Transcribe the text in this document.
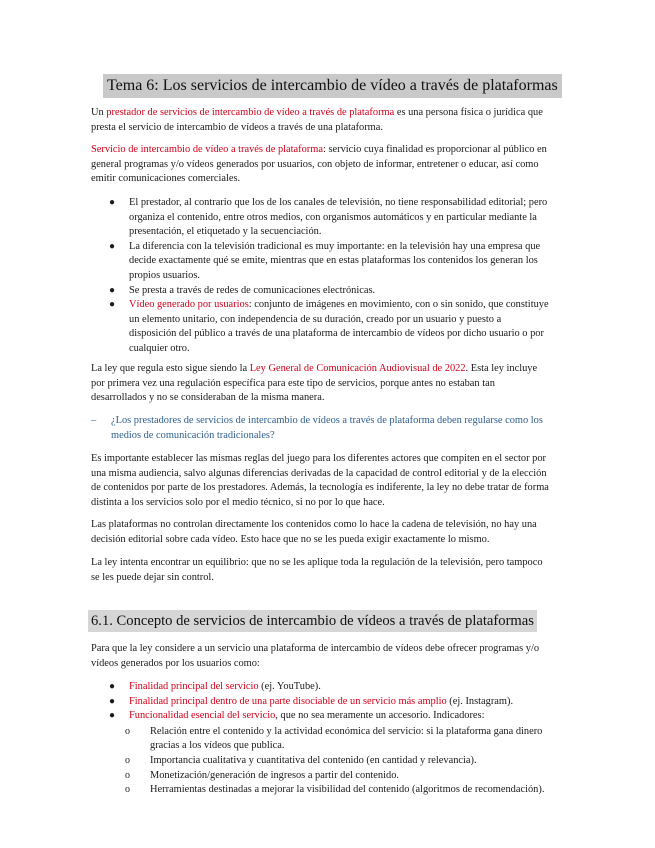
Tema 6: Los servicios de intercambio de vídeo a través de plataformas

Un prestador de servicios de intercambio de vídeo a través de plataforma es una persona física o jurídica que presta el servicio de intercambio de vídeos a través de una plataforma.

Servicio de intercambio de vídeo a través de plataforma: servicio cuya finalidad es proporcionar al público en general programas y/o vídeos generados por usuarios, con objeto de informar, entretener o educar, así como emitir comunicaciones comerciales.

● El prestador, al contrario que los de los canales de televisión, no tiene responsabilidad editorial; pero organiza el contenido, entre otros medios, con organismos automáticos y en particular mediante la presentación, el etiquetado y la secuenciación.
● La diferencia con la televisión tradicional es muy importante: en la televisión hay una empresa que decide exactamente qué se emite, mientras que en estas plataformas los contenidos los generan los propios usuarios.
● Se presta a través de redes de comunicaciones electrónicas.
● Vídeo generado por usuarios: conjunto de imágenes en movimiento, con o sin sonido, que constituye un elemento unitario, con independencia de su duración, creado por un usuario y puesto a disposición del público a través de una plataforma de intercambio de vídeos por dicho usuario o por cualquier otro.

La ley que regula esto sigue siendo la Ley General de Comunicación Audiovisual de 2022. Esta ley incluye por primera vez una regulación específica para este tipo de servicios, porque antes no estaban tan desarrollados y no se consideraban de la misma manera.

– ¿Los prestadores de servicios de intercambio de vídeos a través de plataforma deben regularse como los medios de comunicación tradicionales?

Es importante establecer las mismas reglas del juego para los diferentes actores que compiten en el sector por una misma audiencia, salvo algunas diferencias derivadas de la capacidad de control editorial y de la elección de contenidos por parte de los prestadores. Además, la tecnología es indiferente, la ley no debe tratar de forma distinta a los servicios solo por el medio técnico, si no por lo que hace.

Las plataformas no controlan directamente los contenidos como lo hace la cadena de televisión, no hay una decisión editorial sobre cada vídeo. Esto hace que no se les pueda exigir exactamente lo mismo.

La ley intenta encontrar un equilibrio: que no se les aplique toda la regulación de la televisión, pero tampoco se les puede dejar sin control.

6.1. Concepto de servicios de intercambio de vídeos a través de plataformas

Para que la ley considere a un servicio una plataforma de intercambio de vídeos debe ofrecer programas y/o vídeos generados por los usuarios como:

● Finalidad principal del servicio (ej. YouTube).
● Finalidad principal dentro de una parte disociable de un servicio más amplio (ej. Instagram).
● Funcionalidad esencial del servicio, que no sea meramente un accesorio. Indicadores:
o Relación entre el contenido y la actividad económica del servicio: si la plataforma gana dinero gracias a los vídeos que publica.
o Importancia cualitativa y cuantitativa del contenido (en cantidad y relevancia).
o Monetización/generación de ingresos a partir del contenido.
o Herramientas destinadas a mejorar la visibilidad del contenido (algoritmos de recomendación).
